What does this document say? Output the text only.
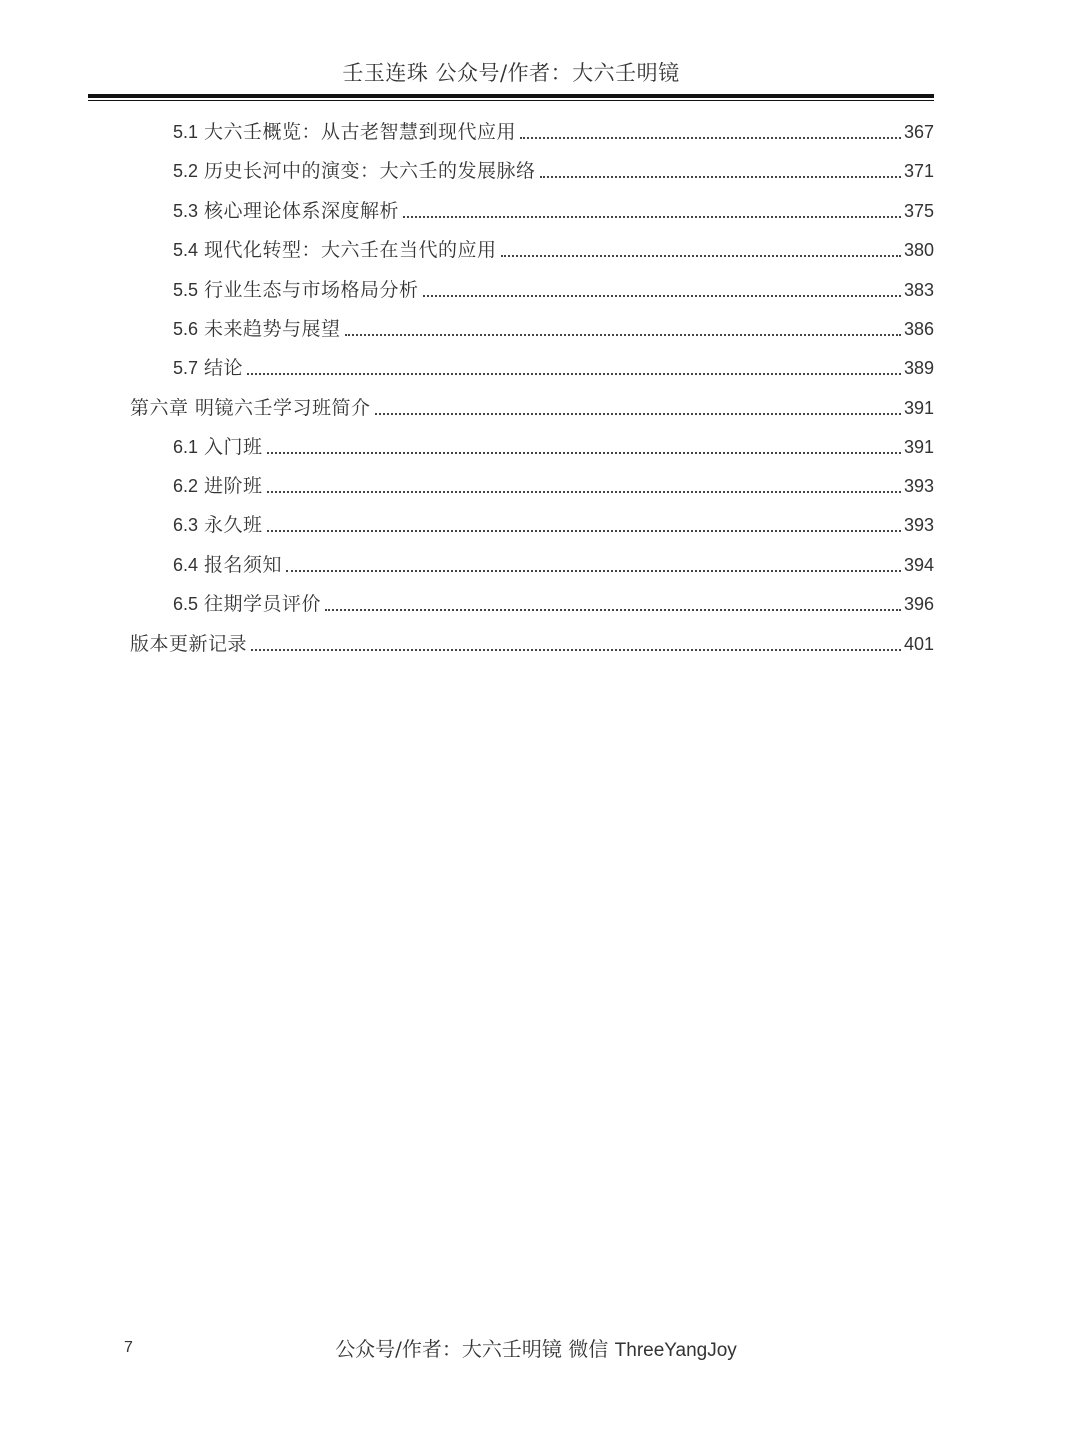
壬玉连珠 公众号/作者：大六壬明镜
5.1 大六壬概览：从古老智慧到现代应用	367
5.2 历史长河中的演变：大六壬的发展脉络	371
5.3 核心理论体系深度解析	375
5.4 现代化转型：大六壬在当代的应用	380
5.5 行业生态与市场格局分析	383
5.6 未来趋势与展望	386
5.7 结论	389
第六章 明镜六壬学习班简介	391
6.1 入门班	391
6.2 进阶班	393
6.3 永久班	393
6.4 报名须知	394
6.5 往期学员评价	396
版本更新记录	401
7	公众号/作者：大六壬明镜 微信 ThreeYangJoy
